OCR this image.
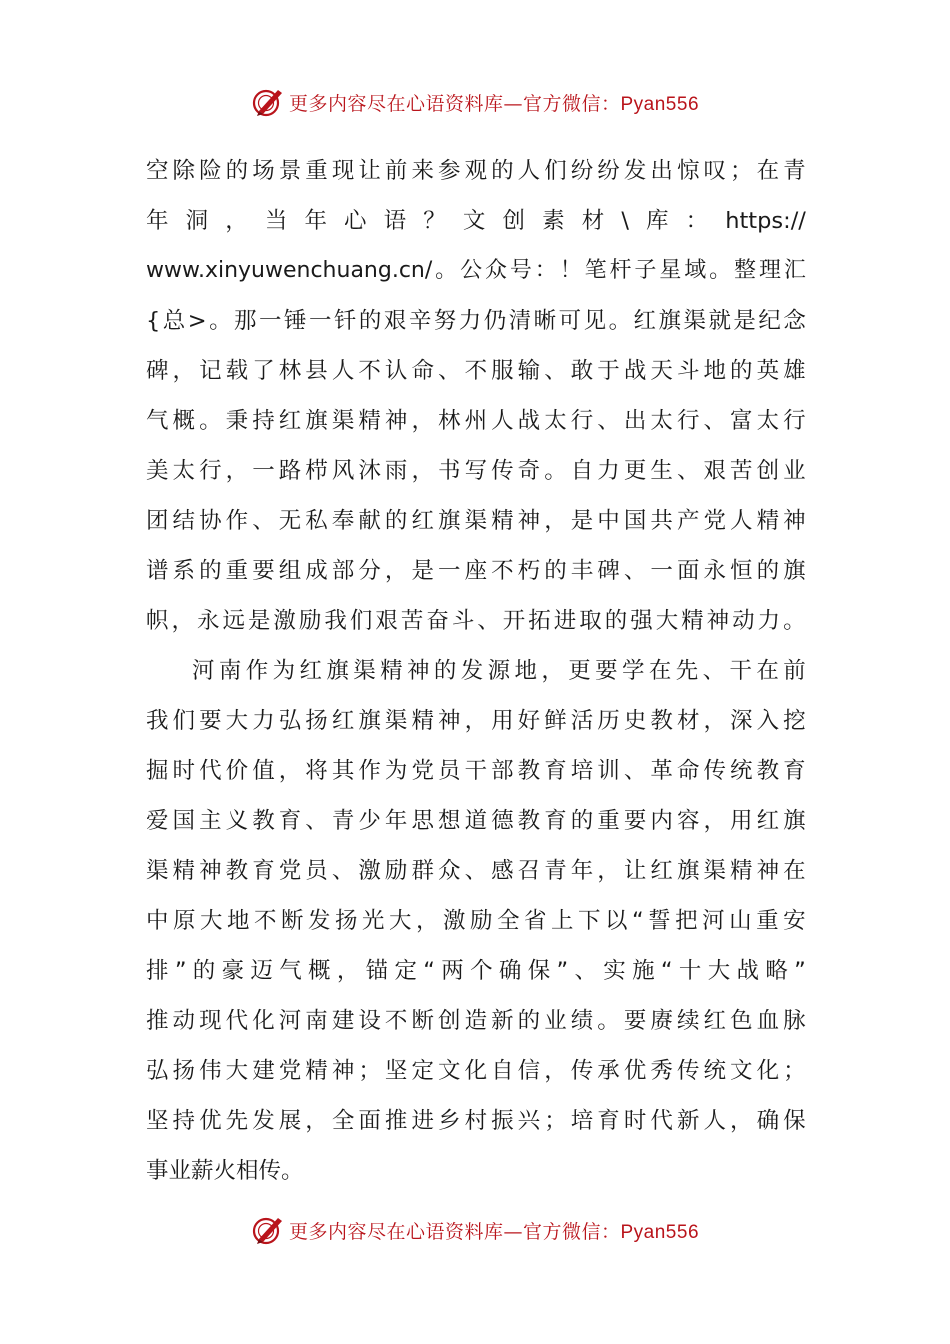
更多内容尽在心语资料库—官方微信：Pyan556
空 除 险 的 场 景 重 现 让 前 来 参 观 的 人 们 纷 纷 发 出 惊 叹 ； 在 青
年 洞 ， 当 年 心 语 ？ 文 创 素 材 \ 库 ： https://
www.xinyuwenchuang.cn/ 。 公 众 号 ： ！ 笔 杆 子 星 域 。 整 理 汇
{ 总 > 。 那 一 锤 一 钎 的 艰 辛 努 力 仍 清 晰 可 见 。 红 旗 渠 就 是 纪 念
碑 ， 记 载 了 林 县 人 不 认 命 、 不 服 输 、 敢 于 战 天 斗 地 的 英 雄
气 概 。 秉 持 红 旗 渠 精 神 ， 林 州 人 战 太 行 、 出 太 行 、 富 太 行
美 太 行 ， 一 路 栉 风 沐 雨 ， 书 写 传 奇 。 自 力 更 生 、 艰 苦 创 业
团 结 协 作 、 无 私 奉 献 的 红 旗 渠 精 神 ， 是 中 国 共 产 党 人 精 神
谱 系 的 重 要 组 成 部 分 ， 是 一 座 不 朽 的 丰 碑 、 一 面 永 恒 的 旗
帜 ， 永 远 是 激 励 我 们 艰 苦 奋 斗 、 开 拓 进 取 的 强 大 精 神 动 力 。
河 南 作 为 红 旗 渠 精 神 的 发 源 地 ， 更 要 学 在 先 、 干 在 前
我 们 要 大 力 弘 扬 红 旗 渠 精 神 ， 用 好 鲜 活 历 史 教 材 ， 深 入 挖
掘 时 代 价 值 ， 将 其 作 为 党 员 干 部 教 育 培 训 、 革 命 传 统 教 育
爱 国 主 义 教 育 、 青 少 年 思 想 道 德 教 育 的 重 要 内 容 ， 用 红 旗
渠 精 神 教 育 党 员 、 激 励 群 众 、 感 召 青 年 ， 让 红 旗 渠 精 神 在
中 原 大 地 不 断 发 扬 光 大 ， 激 励 全 省 上 下 以 “ 誓 把 河 山 重 安
排 ” 的 豪 迈 气 概 ， 锚 定 “ 两 个 确 保 ” 、 实 施 “ 十 大 战 略 ”
推 动 现 代 化 河 南 建 设 不 断 创 造 新 的 业 绩 。 要 赓 续 红 色 血 脉
弘 扬 伟 大 建 党 精 神 ； 坚 定 文 化 自 信 ， 传 承 优 秀 传 统 文 化 ；
坚 持 优 先 发 展 ， 全 面 推 进 乡 村 振 兴 ； 培 育 时 代 新 人 ， 确 保
事业薪火相传。
更多内容尽在心语资料库—官方微信：Pyan556
